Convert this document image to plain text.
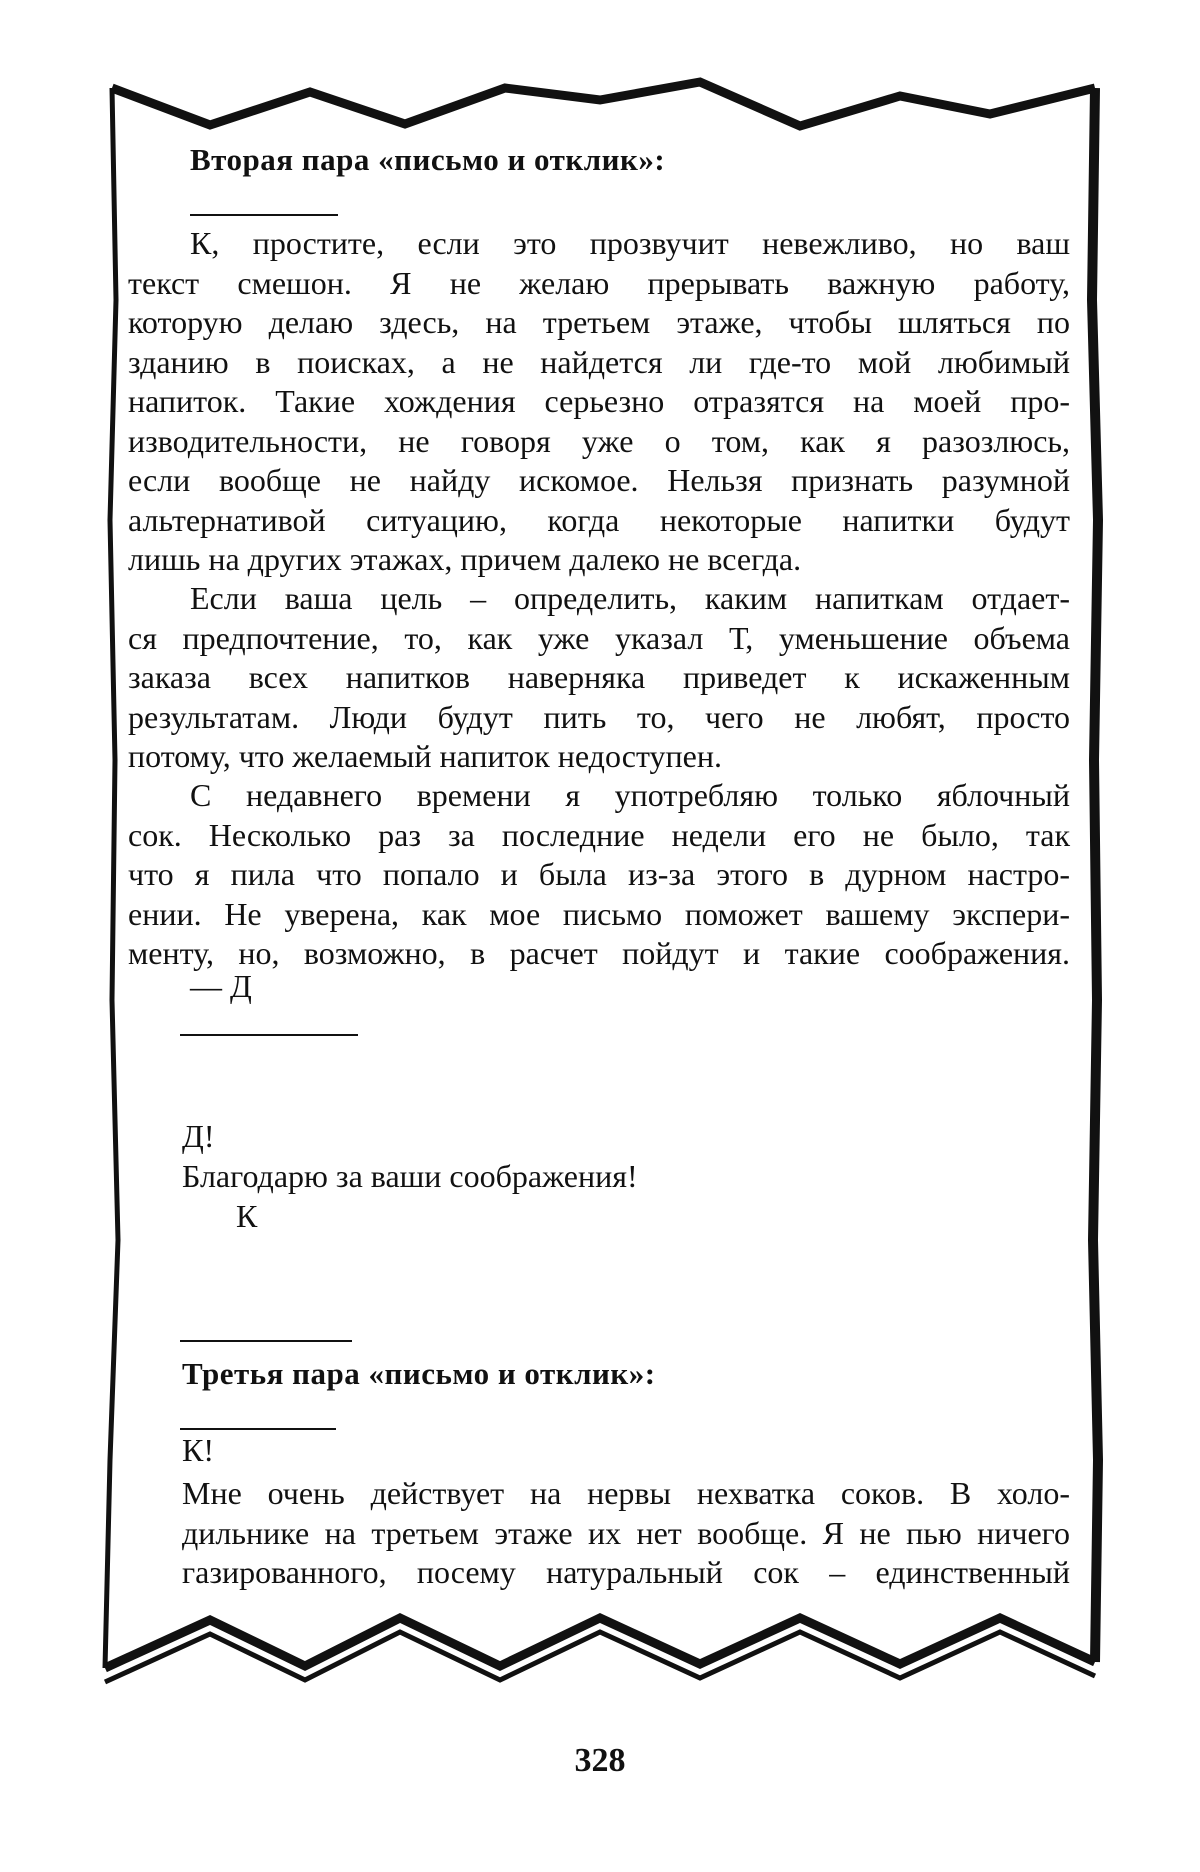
Вторая пара «письмо и отклик»:

К, простите, если это прозвучит невежливо, но ваш
текст смешон. Я не желаю прерывать важную работу,
которую делаю здесь, на третьем этаже, чтобы шляться по
зданию в поисках, а не найдется ли где-то мой любимый
напиток. Такие хождения серьезно отразятся на моей про-
изводительности, не говоря уже о том, как я разозлюсь,
если вообще не найду искомое. Нельзя признать разумной
альтернативой ситуацию, когда некоторые напитки будут
лишь на других этажах, причем далеко не всегда.

Если ваша цель – определить, каким напиткам отдает-
ся предпочтение, то, как уже указал Т, уменьшение объема
заказа всех напитков наверняка приведет к искаженным
результатам. Люди будут пить то, чего не любят, просто
потому, что желаемый напиток недоступен.

С недавнего времени я употребляю только яблочный
сок. Несколько раз за последние недели его не было, так
что я пила что попало и была из-за этого в дурном настро-
ении. Не уверена, как мое письмо поможет вашему экспери-
менту, но, возможно, в расчет пойдут и такие соображения.

— Д
Д!
Благодарю за ваши соображения!
К
Третья пара «письмо и отклик»:
К!

Мне очень действует на нервы нехватка соков. В холо-
дильнике на третьем этаже их нет вообще. Я не пью ничего
газированного, посему натуральный сок – единственный

328
